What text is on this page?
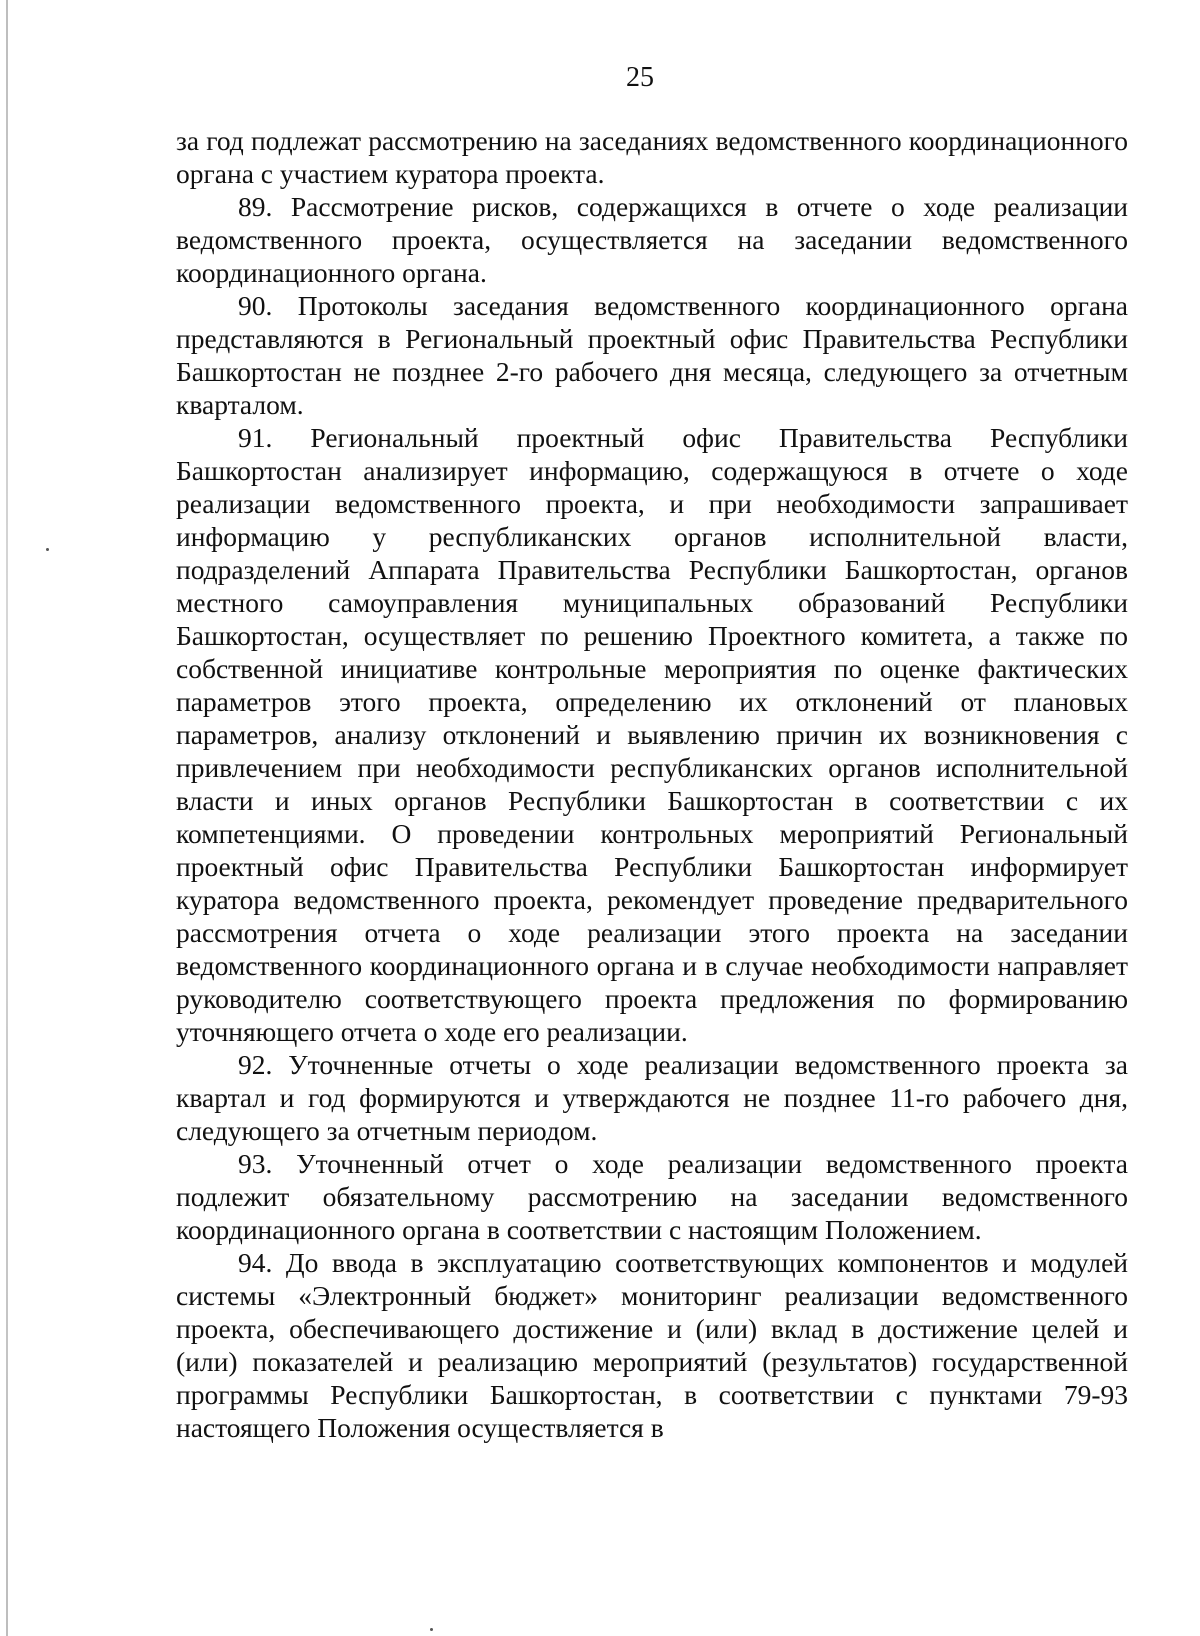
25

за год подлежат рассмотрению на заседаниях ведомственного координационного органа с участием куратора проекта.

89. Рассмотрение рисков, содержащихся в отчете о ходе реализации ведомственного проекта, осуществляется на заседании ведомственного координационного органа.

90. Протоколы заседания ведомственного координационного органа представляются в Региональный проектный офис Правительства Республики Башкортостан не позднее 2-го рабочего дня месяца, следующего за отчетным кварталом.

91. Региональный проектный офис Правительства Республики Башкортостан анализирует информацию, содержащуюся в отчете о ходе реализации ведомственного проекта, и при необходимости запрашивает информацию у республиканских органов исполнительной власти, подразделений Аппарата Правительства Республики Башкортостан, органов местного самоуправления муниципальных образований Республики Башкортостан, осуществляет по решению Проектного комитета, а также по собственной инициативе контрольные мероприятия по оценке фактических параметров этого проекта, определению их отклонений от плановых параметров, анализу отклонений и выявлению причин их возникновения с привлечением при необходимости республиканских органов исполнительной власти и иных органов Республики Башкортостан в соответствии с их компетенциями. О проведении контрольных мероприятий Региональный проектный офис Правительства Республики Башкортостан информирует куратора ведомственного проекта, рекомендует проведение предварительного рассмотрения отчета о ходе реализации этого проекта на заседании ведомственного координационного органа и в случае необходимости направляет руководителю соответствующего проекта предложения по формированию уточняющего отчета о ходе его реализации.

92. Уточненные отчеты о ходе реализации ведомственного проекта за квартал и год формируются и утверждаются не позднее 11-го рабочего дня, следующего за отчетным периодом.

93. Уточненный отчет о ходе реализации ведомственного проекта подлежит обязательному рассмотрению на заседании ведомственного координационного органа в соответствии с настоящим Положением.

94. До ввода в эксплуатацию соответствующих компонентов и модулей системы «Электронный бюджет» мониторинг реализации ведомственного проекта, обеспечивающего достижение и (или) вклад в достижение целей и (или) показателей и реализацию мероприятий (результатов) государственной программы Республики Башкортостан, в соответствии с пунктами 79-93 настоящего Положения осуществляется в
